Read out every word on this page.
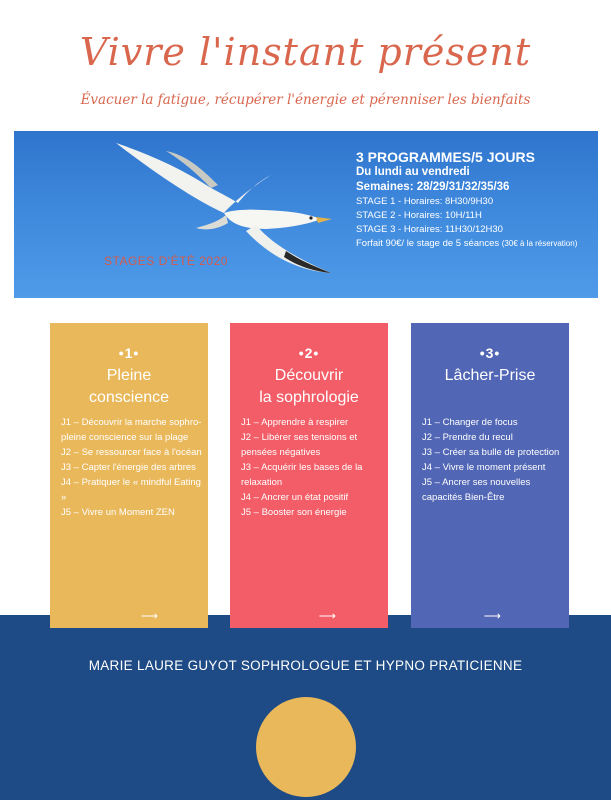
Vivre l'instant présent
Évacuer la fatigue, récupérer l'énergie et pérenniser les bienfaits
STAGES D'ÉTÉ 2020
3 PROGRAMMES/5 JOURS
Du lundi au vendredi
Semaines: 28/29/31/32/35/36
STAGE 1 - Horaires: 8H30/9H30
STAGE 2 - Horaires: 10H/11H
STAGE 3 - Horaires: 11H30/12H30
Forfait 90€/ le stage de 5 séances (30€ à la réservation)
•1•
Pleine
conscience
J1 – Découvrir la marche sophro-pleine conscience sur la plage
J2 – Se ressourcer face à l'océan
J3 – Capter l'énergie des arbres
J4 – Pratiquer le « mindful Eating »
J5 – Vivre un Moment ZEN
⟶
•2•
Découvrir
la sophrologie
J1 – Apprendre à respirer
J2 – Libérer ses tensions et pensées négatives
J3 – Acquérir les bases de la relaxation
J4 – Ancrer un état positif
J5 – Booster son énergie
⟶
•3•
Lâcher-Prise
J1 – Changer de focus
J2 – Prendre du recul
J3 – Créer sa bulle de protection
J4 – Vivre le moment présent
J5 – Ancrer ses nouvelles capacités Bien-Être
⟶
MARIE LAURE GUYOT SOPHROLOGUE ET HYPNO PRATICIENNE
